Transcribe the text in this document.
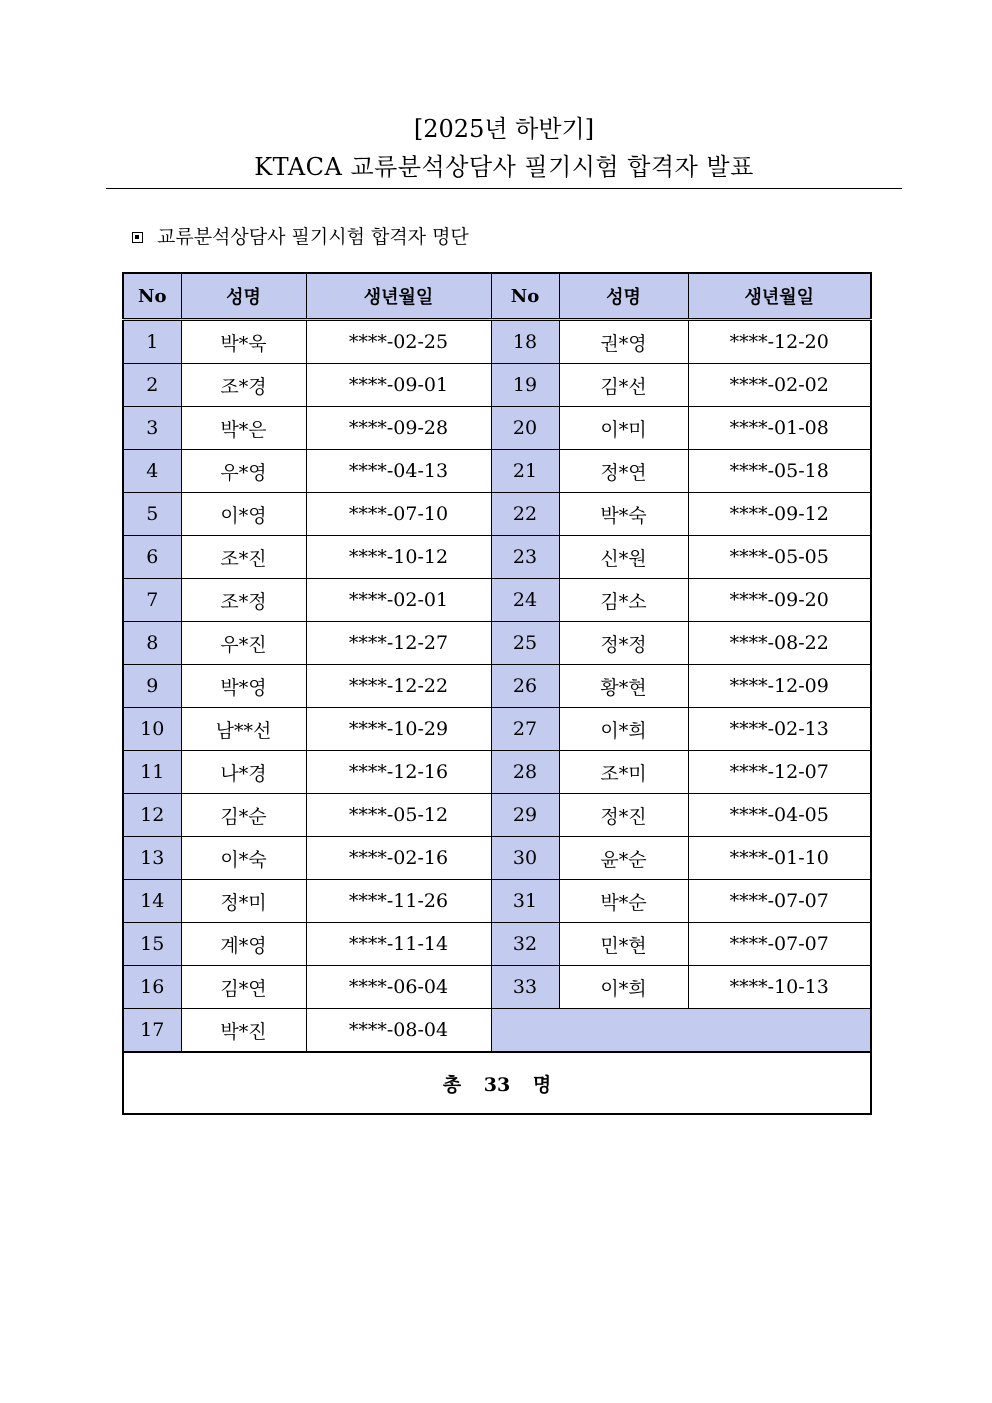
[2025년 하반기]
KTACA 교류분석상담사 필기시험 합격자 발표
교류분석상담사 필기시험 합격자 명단
No	성명	생년월일	No	성명	생년월일
1	박*욱	****-02-25	18	권*영	****-12-20
2	조*경	****-09-01	19	김*선	****-02-02
3	박*은	****-09-28	20	이*미	****-01-08
4	우*영	****-04-13	21	정*연	****-05-18
5	이*영	****-07-10	22	박*숙	****-09-12
6	조*진	****-10-12	23	신*원	****-05-05
7	조*정	****-02-01	24	김*소	****-09-20
8	우*진	****-12-27	25	정*정	****-08-22
9	박*영	****-12-22	26	황*현	****-12-09
10	남**선	****-10-29	27	이*희	****-02-13
11	나*경	****-12-16	28	조*미	****-12-07
12	김*순	****-05-12	29	정*진	****-04-05
13	이*숙	****-02-16	30	윤*순	****-01-10
14	정*미	****-11-26	31	박*순	****-07-07
15	계*영	****-11-14	32	민*현	****-07-07
16	김*연	****-06-04	33	이*희	****-10-13
17	박*진	****-08-04			
총 33 명					
